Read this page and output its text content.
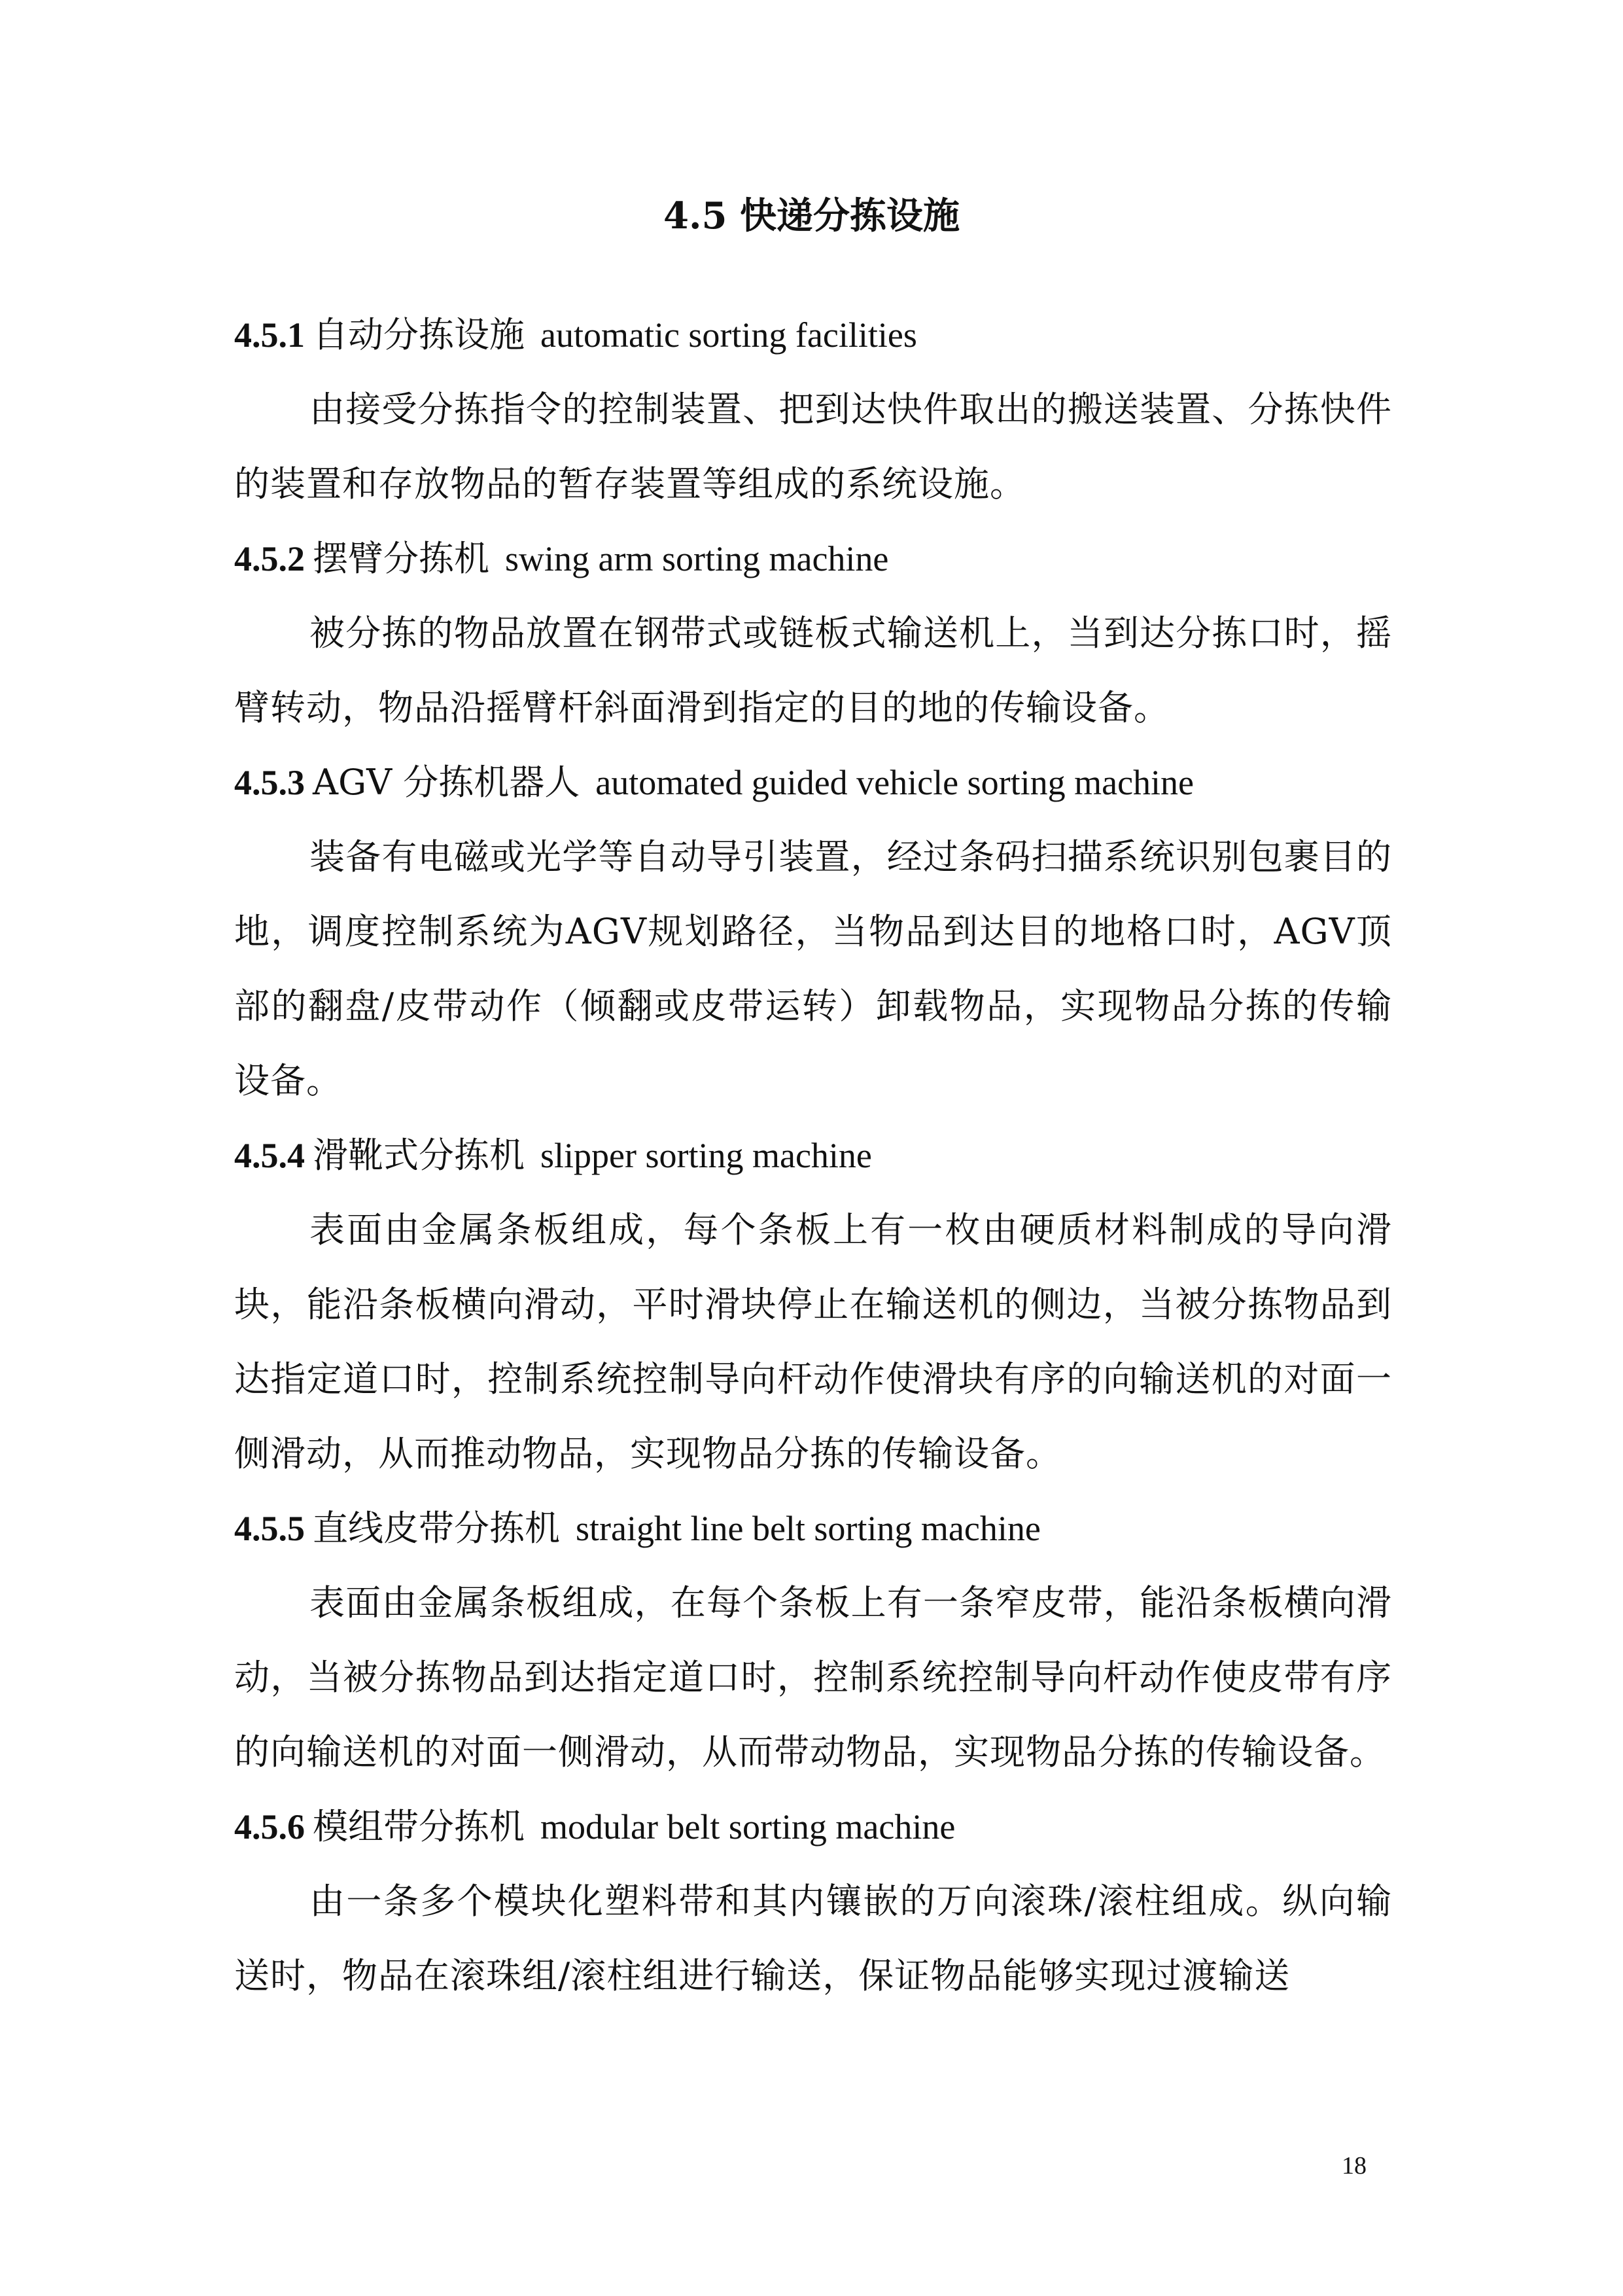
4.5 快递分拣设施

4.5.1 自动分拣设施 automatic sorting facilities

由接受分拣指令的控制装置、把到达快件取出的搬送装置、分拣快件的装置和存放物品的暂存装置等组成的系统设施。

4.5.2 摆臂分拣机 swing arm sorting machine

被分拣的物品放置在钢带式或链板式输送机上，当到达分拣口时，摇臂转动，物品沿摇臂杆斜面滑到指定的目的地的传输设备。

4.5.3 AGV 分拣机器人 automated guided vehicle sorting machine

装备有电磁或光学等自动导引装置，经过条码扫描系统识别包裹目的地，调度控制系统为AGV规划路径，当物品到达目的地格口时，AGV顶部的翻盘/皮带动作（倾翻或皮带运转）卸载物品，实现物品分拣的传输设备。

4.5.4 滑靴式分拣机 slipper sorting machine

表面由金属条板组成，每个条板上有一枚由硬质材料制成的导向滑块，能沿条板横向滑动，平时滑块停止在输送机的侧边，当被分拣物品到达指定道口时，控制系统控制导向杆动作使滑块有序的向输送机的对面一侧滑动，从而推动物品，实现物品分拣的传输设备。

4.5.5 直线皮带分拣机 straight line belt sorting machine

表面由金属条板组成，在每个条板上有一条窄皮带，能沿条板横向滑动，当被分拣物品到达指定道口时，控制系统控制导向杆动作使皮带有序的向输送机的对面一侧滑动，从而带动物品，实现物品分拣的传输设备。

4.5.6 模组带分拣机 modular belt sorting machine

由一条多个模块化塑料带和其内镶嵌的万向滚珠/滚柱组成。纵向输送时，物品在滚珠组/滚柱组进行输送，保证物品能够实现过渡输送

18
